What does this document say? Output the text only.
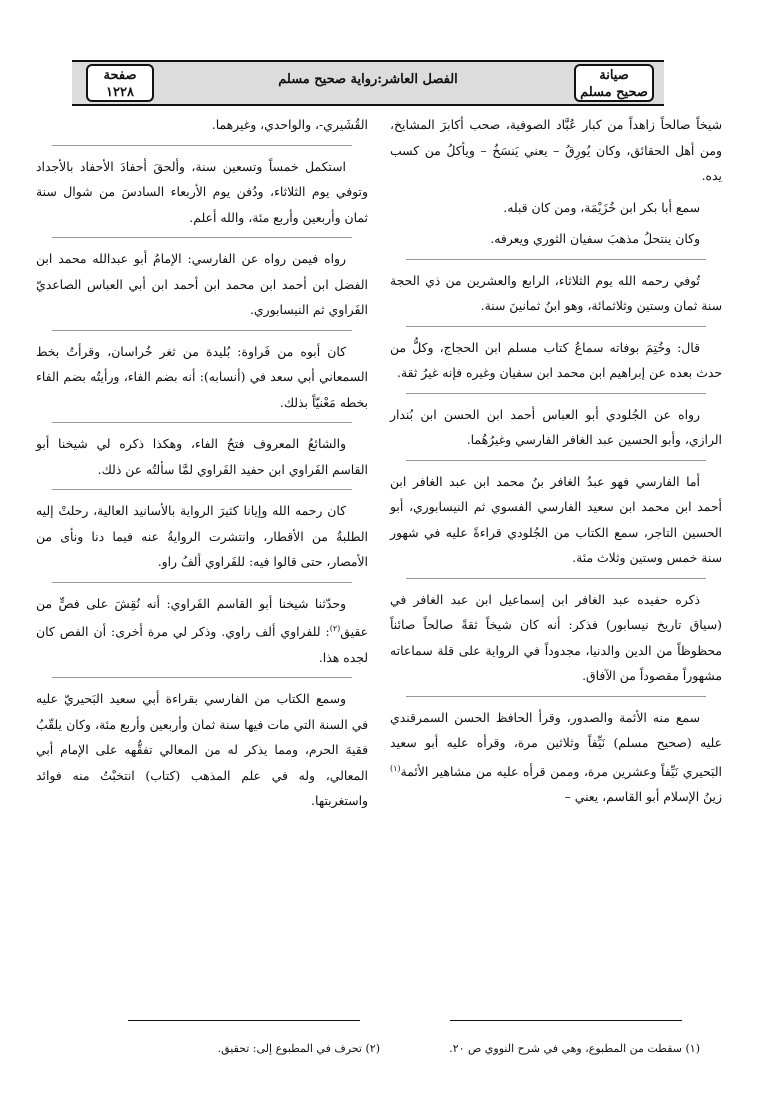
صفحة
١٢٢٨
الفصل العاشر:رواية صحيح مسلم	صيانة
صحيح مسلم

شيخاً صالحاً زاهداً من كبار عُبَّاد الصوفية، صحب أكابرَ المشايخ، ومن أهل الحقائق، وكان يُورِقُ – يعني يَنسَخُ – ويأكلُ من كسب يده.

سمع أبا بكر ابن خُزَيْمَة، ومن كان قبله.

وكان ينتحلُ مذهبَ سفيان الثوري ويعرفه.

تُوفي رحمه الله يوم الثلاثاء، الرابع والعشرين من ذي الحجة سنة ثمان وستين وثلاثمائة، وهو ابنُ ثمانينَ سنة.

قال: وخُتِمَ بوفاته سماعُ كتاب مسلم ابن الحجاج، وكلُّ من حدث بعده عن إبراهيم ابن محمد ابن سفيان وغيره فإنه غيرُ ثقة.

رواه عن الجُلودي أبو العباس أحمد ابن الحسن ابن بُندار الرازي، وأبو الحسين عبد الغافر الفارسي وغيرُهُما.

أما الفارسي فهو عبدُ الغافر بنُ محمد ابن عبد الغافر ابن أحمد ابن محمد ابن سعيد الفارسي الفسوي ثم النيسابوري، أبو الحسين التاجر، سمع الكتاب من الجُلودي قراءةً عليه في شهور سنة خمس وستين وثلاث مئة.

ذكره حفيده عبد الغافر ابن إسماعيل ابن عبد الغافر في (سياق تاريخ نيسابور) فذكر: أنه كان شيخاً ثقةً صالحاً صائناً محظوظاً من الدين والدنيا، مجدوداً في الرواية على قلة سماعاته مشهوراً مقصوداً من الآفاق.

سمع منه الأئمة والصدور، وقرأ الحافظ الحسن السمرقندي عليه (صحيح مسلم) نَيِّفاً وثلاثين مرة، وقرأه عليه أبو سعيد البَحيري نَيِّفاً وعشرين مرة، وممن قرأه عليه من مشاهير الأئمة$^{(١)}$ زينُ الإسلام أبو القاسم، يعني –

القُشَيري-، والواحدي، وغيرهما.

استكمل خمساً وتسعين سنة، وألحقَ أحفادَ الأحفاد بالأجداد وتوفي يوم الثلاثاء، ودُفن يوم الأربعاء السادسَ من شوال سنة ثمان وأربعين وأربع مئة، والله أعلم.

رواه فيمن رواه عن الفارسي: الإمامُ أبو عبدالله محمد ابن الفضل ابن أحمد ابن محمد ابن أحمد ابن أبي العباس الصاعديّ الفَراوي ثم النيسابوري.

كان أبوه من فَراوة: بُليدة من ثغر خُراسان، وقرأتُ بخط السمعاني أبي سعد في (أنسابه): أنه بضم الفاء، ورأيتُه بضم الفاء بخطه مَعْنيّاً بذلك.

والشائعُ المعروف فتحُ الفاء، وهكذا ذكره لي شيخنا أبو القاسم الفَراوي ابن حفيد الفَراوي لمَّا سألتُه عن ذلك.

كان رحمه الله وإيانا كثيرَ الرواية بالأسانيد العالية، رحلتْ إليه الطلبةُ من الأقطار، وانتشرت الروايةُ عنه فيما دنا ونأى من الأمصار، حتى قالوا فيه: للفَراوي ألفُ راو.

وحدّثنا شيخنا أبو القاسم الفَراوي: أنه نُقِشَ على فصٍّ من عقيق$^{(٢)}$: للفراوي ألف راوي. وذكر لي مرة أخرى: أن الفص كان لجده هذا.

وسمع الكتاب من الفارسي بقراءة أبي سعيد البَحيريّ عليه في السنة التي مات فيها سنة ثمان وأربعين وأربع مئة، وكان يلقّبُ فقيهَ الحرم، ومما يذكر له من المعالي تفقُّهه على الإمام أبي المعالي، وله في علم المذهب (كتاب) انتخبْتُ منه فوائد واستغربتها.

(١) سقطت من المطبوع، وهي في شرح النووي ص ٢٠.
(٢) تحرف في المطبوع إلى: تحقيق.
